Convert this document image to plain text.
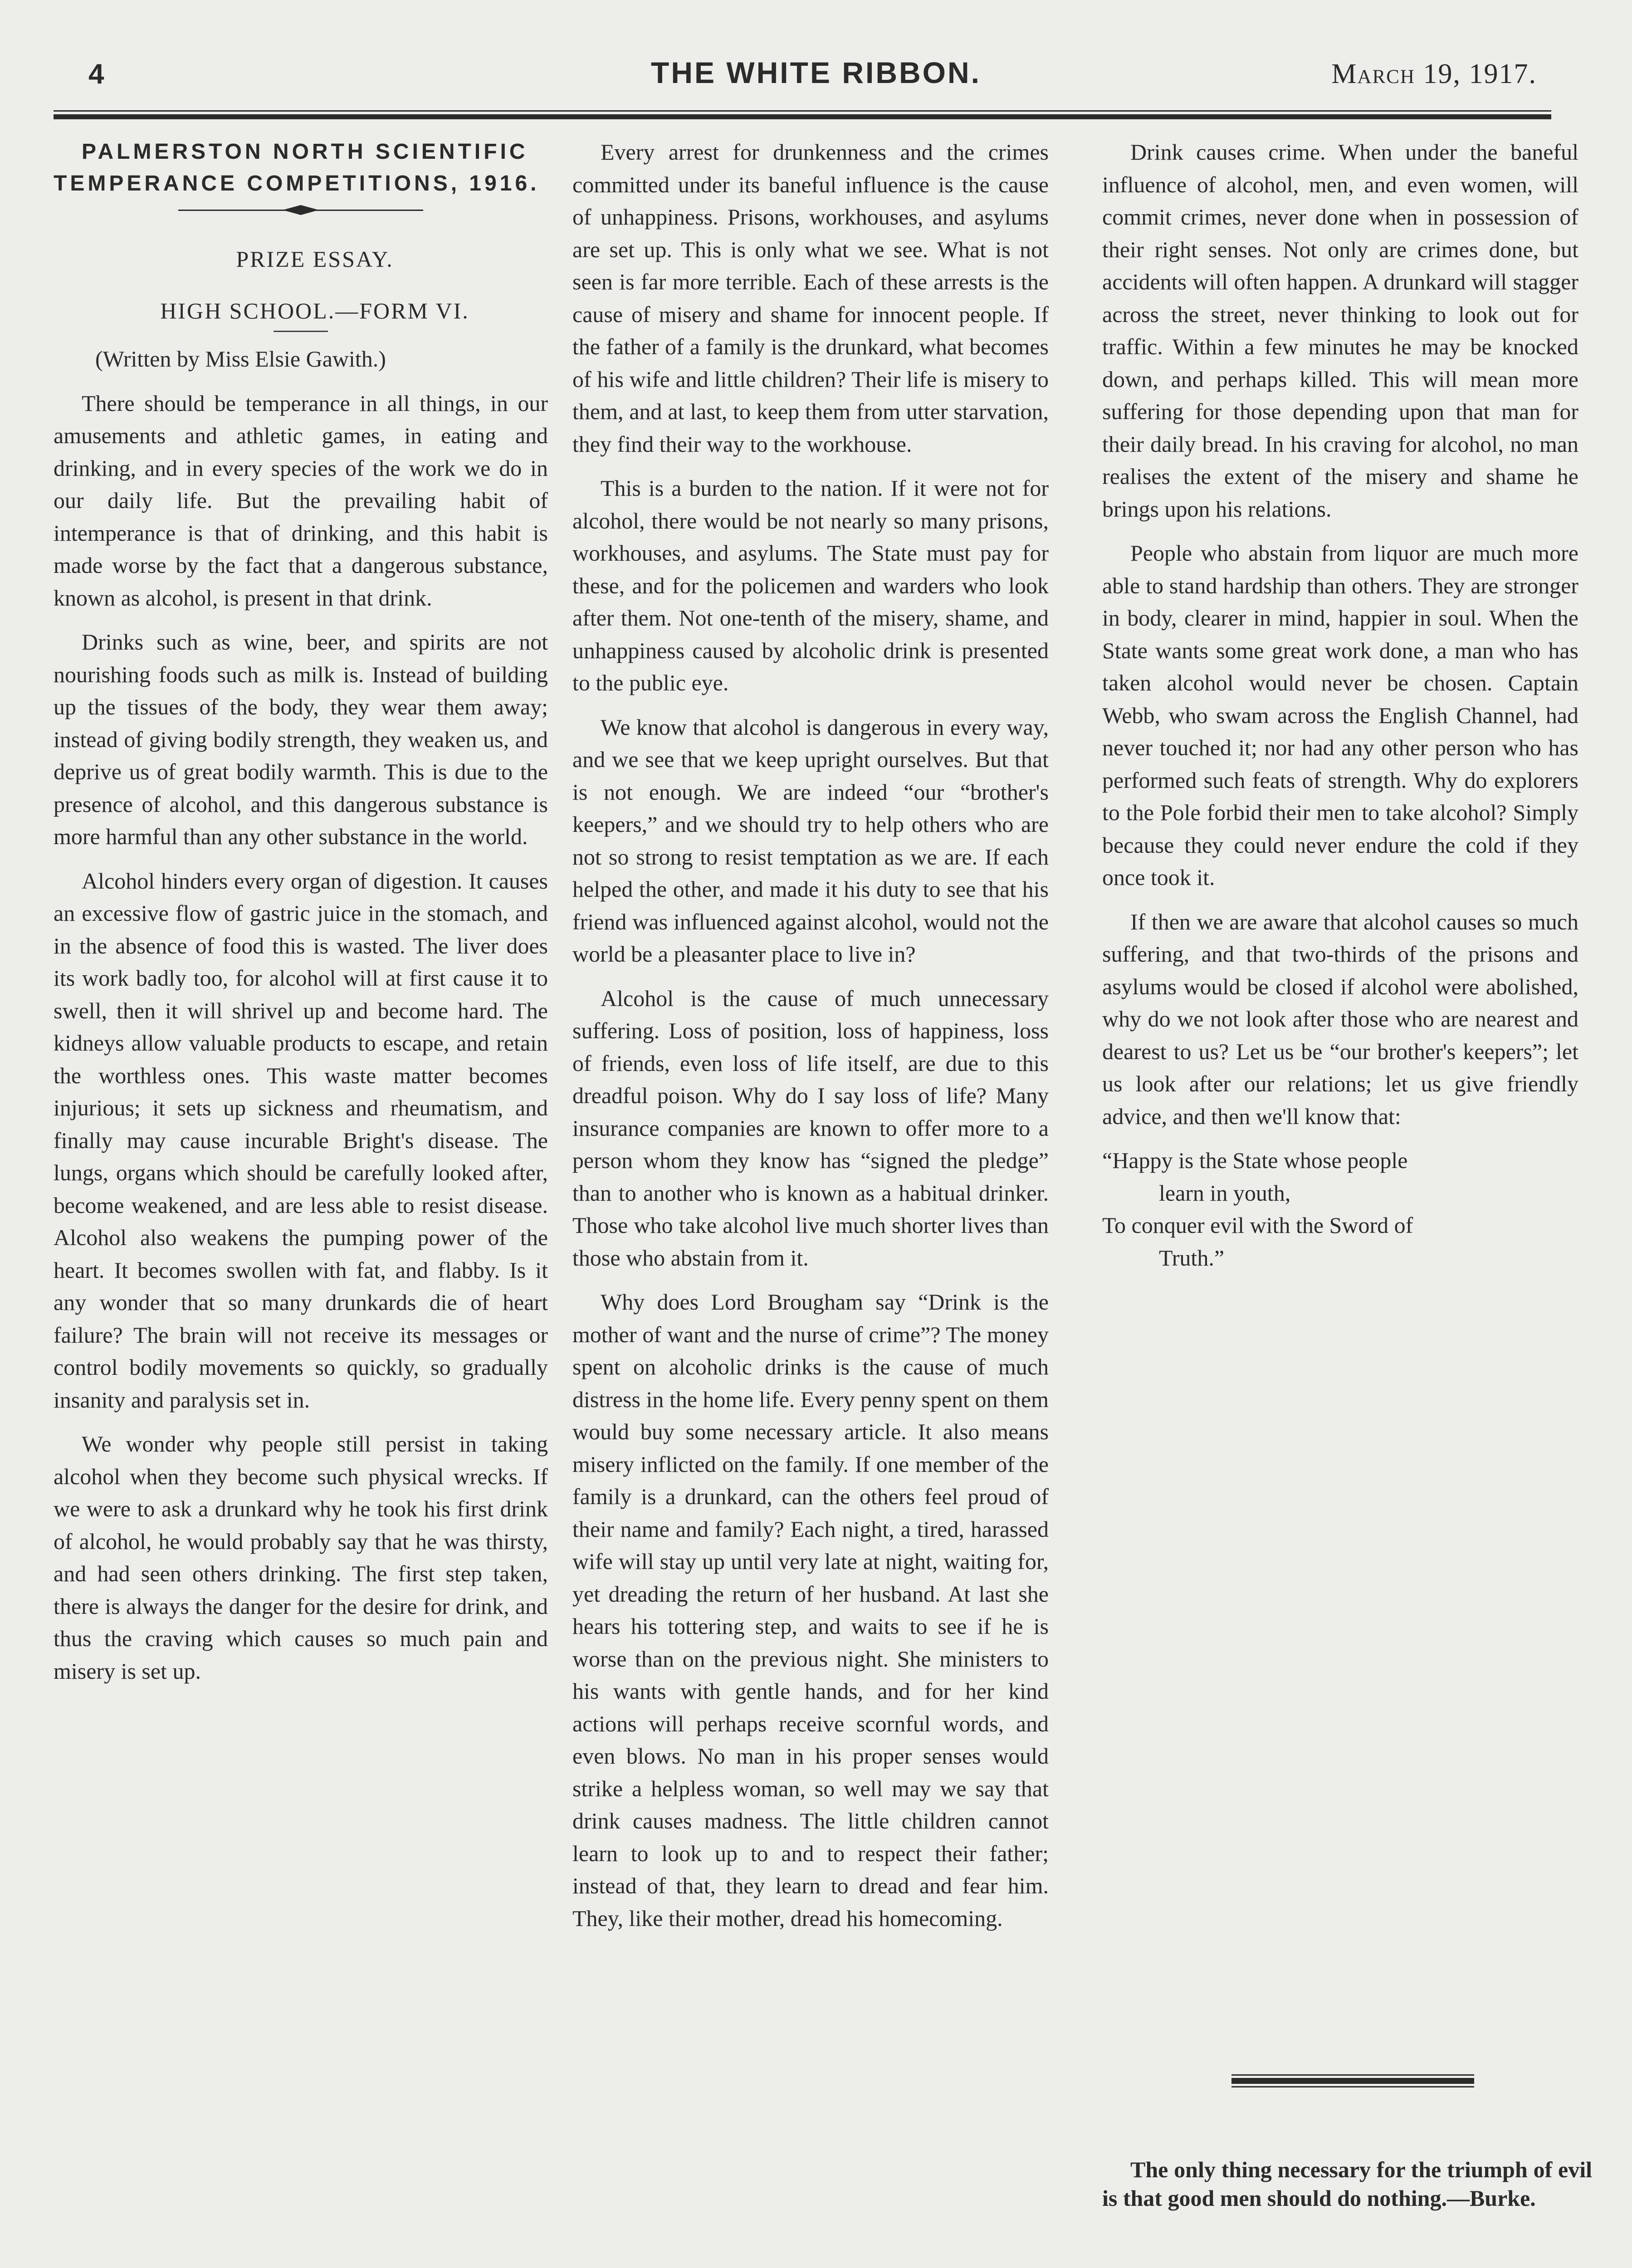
4	THE WHITE RIBBON.	March 19, 1917.

PALMERSTON NORTH SCIENTIFIC TEMPERANCE COMPETITIONS, 1916.

PRIZE ESSAY.

HIGH SCHOOL.—FORM VI.

(Written by Miss Elsie Gawith.)

There should be temperance in all things, in our amusements and athletic games, in eating and drinking, and in every species of the work we do in our daily life. But the prevailing habit of intemperance is that of drinking, and this habit is made worse by the fact that a dangerous substance, known as alcohol, is present in that drink.

Drinks such as wine, beer, and spirits are not nourishing foods such as milk is. Instead of building up the tissues of the body, they wear them away; instead of giving bodily strength, they weaken us, and deprive us of great bodily warmth. This is due to the presence of alcohol, and this dangerous substance is more harmful than any other substance in the world.

Alcohol hinders every organ of digestion. It causes an excessive flow of gastric juice in the stomach, and in the absence of food this is wasted. The liver does its work badly too, for alcohol will at first cause it to swell, then it will shrivel up and become hard. The kidneys allow valuable products to escape, and retain the worthless ones. This waste matter becomes injurious; it sets up sickness and rheumatism, and finally may cause incurable Bright's disease. The lungs, organs which should be carefully looked after, become weakened, and are less able to resist disease. Alcohol also weakens the pumping power of the heart. It becomes swollen with fat, and flabby. Is it any wonder that so many drunkards die of heart failure? The brain will not receive its messages or control bodily movements so quickly, so gradually insanity and paralysis set in.

We wonder why people still persist in taking alcohol when they become such physical wrecks. If we were to ask a drunkard why he took his first drink of alcohol, he would probably say that he was thirsty, and had seen others drinking. The first step taken, there is always the danger for the desire for drink, and thus the craving which causes so much pain and misery is set up.

Every arrest for drunkenness and the crimes committed under its baneful influence is the cause of unhappiness. Prisons, workhouses, and asylums are set up. This is only what we see. What is not seen is far more terrible. Each of these arrests is the cause of misery and shame for innocent people. If the father of a family is the drunkard, what becomes of his wife and little children? Their life is misery to them, and at last, to keep them from utter starvation, they find their way to the workhouse.

This is a burden to the nation. If it were not for alcohol, there would be not nearly so many prisons, workhouses, and asylums. The State must pay for these, and for the policemen and warders who look after them. Not one-tenth of the misery, shame, and unhappiness caused by alcoholic drink is presented to the public eye.

We know that alcohol is dangerous in every way, and we see that we keep upright ourselves. But that is not enough. We are indeed “our “brother's keepers,” and we should try to help others who are not so strong to resist temptation as we are. If each helped the other, and made it his duty to see that his friend was influenced against alcohol, would not the world be a pleasanter place to live in?

Alcohol is the cause of much unnecessary suffering. Loss of position, loss of happiness, loss of friends, even loss of life itself, are due to this dreadful poison. Why do I say loss of life? Many insurance companies are known to offer more to a person whom they know has “signed the pledge” than to another who is known as a habitual drinker. Those who take alcohol live much shorter lives than those who abstain from it.

Why does Lord Brougham say “Drink is the mother of want and the nurse of crime”? The money spent on alcoholic drinks is the cause of much distress in the home life. Every penny spent on them would buy some necessary article. It also means misery inflicted on the family. If one member of the family is a drunkard, can the others feel proud of their name and family? Each night, a tired, harassed wife will stay up until very late at night, waiting for, yet dreading the return of her husband. At last she hears his tottering step, and waits to see if he is worse than on the previous night. She ministers to his wants with gentle hands, and for her kind actions will perhaps receive scornful words, and even blows. No man in his proper senses would strike a helpless woman, so well may we say that drink causes madness. The little children cannot learn to look up to and to respect their father; instead of that, they learn to dread and fear him. They, like their mother, dread his homecoming.

Drink causes crime. When under the baneful influence of alcohol, men, and even women, will commit crimes, never done when in possession of their right senses. Not only are crimes done, but accidents will often happen. A drunkard will stagger across the street, never thinking to look out for traffic. Within a few minutes he may be knocked down, and perhaps killed. This will mean more suffering for those depending upon that man for their daily bread. In his craving for alcohol, no man realises the extent of the misery and shame he brings upon his relations.

People who abstain from liquor are much more able to stand hardship than others. They are stronger in body, clearer in mind, happier in soul. When the State wants some great work done, a man who has taken alcohol would never be chosen. Captain Webb, who swam across the English Channel, had never touched it; nor had any other person who has performed such feats of strength. Why do explorers to the Pole forbid their men to take alcohol? Simply because they could never endure the cold if they once took it.

If then we are aware that alcohol causes so much suffering, and that two-thirds of the prisons and asylums would be closed if alcohol were abolished, why do we not look after those who are nearest and dearest to us? Let us be “our brother's keepers”; let us look after our relations; let us give friendly advice, and then we'll know that:

“Happy is the State whose people
learn in youth,
To conquer evil with the Sword of
Truth.”

The only thing necessary for the triumph of evil is that good men should do nothing.—Burke.
